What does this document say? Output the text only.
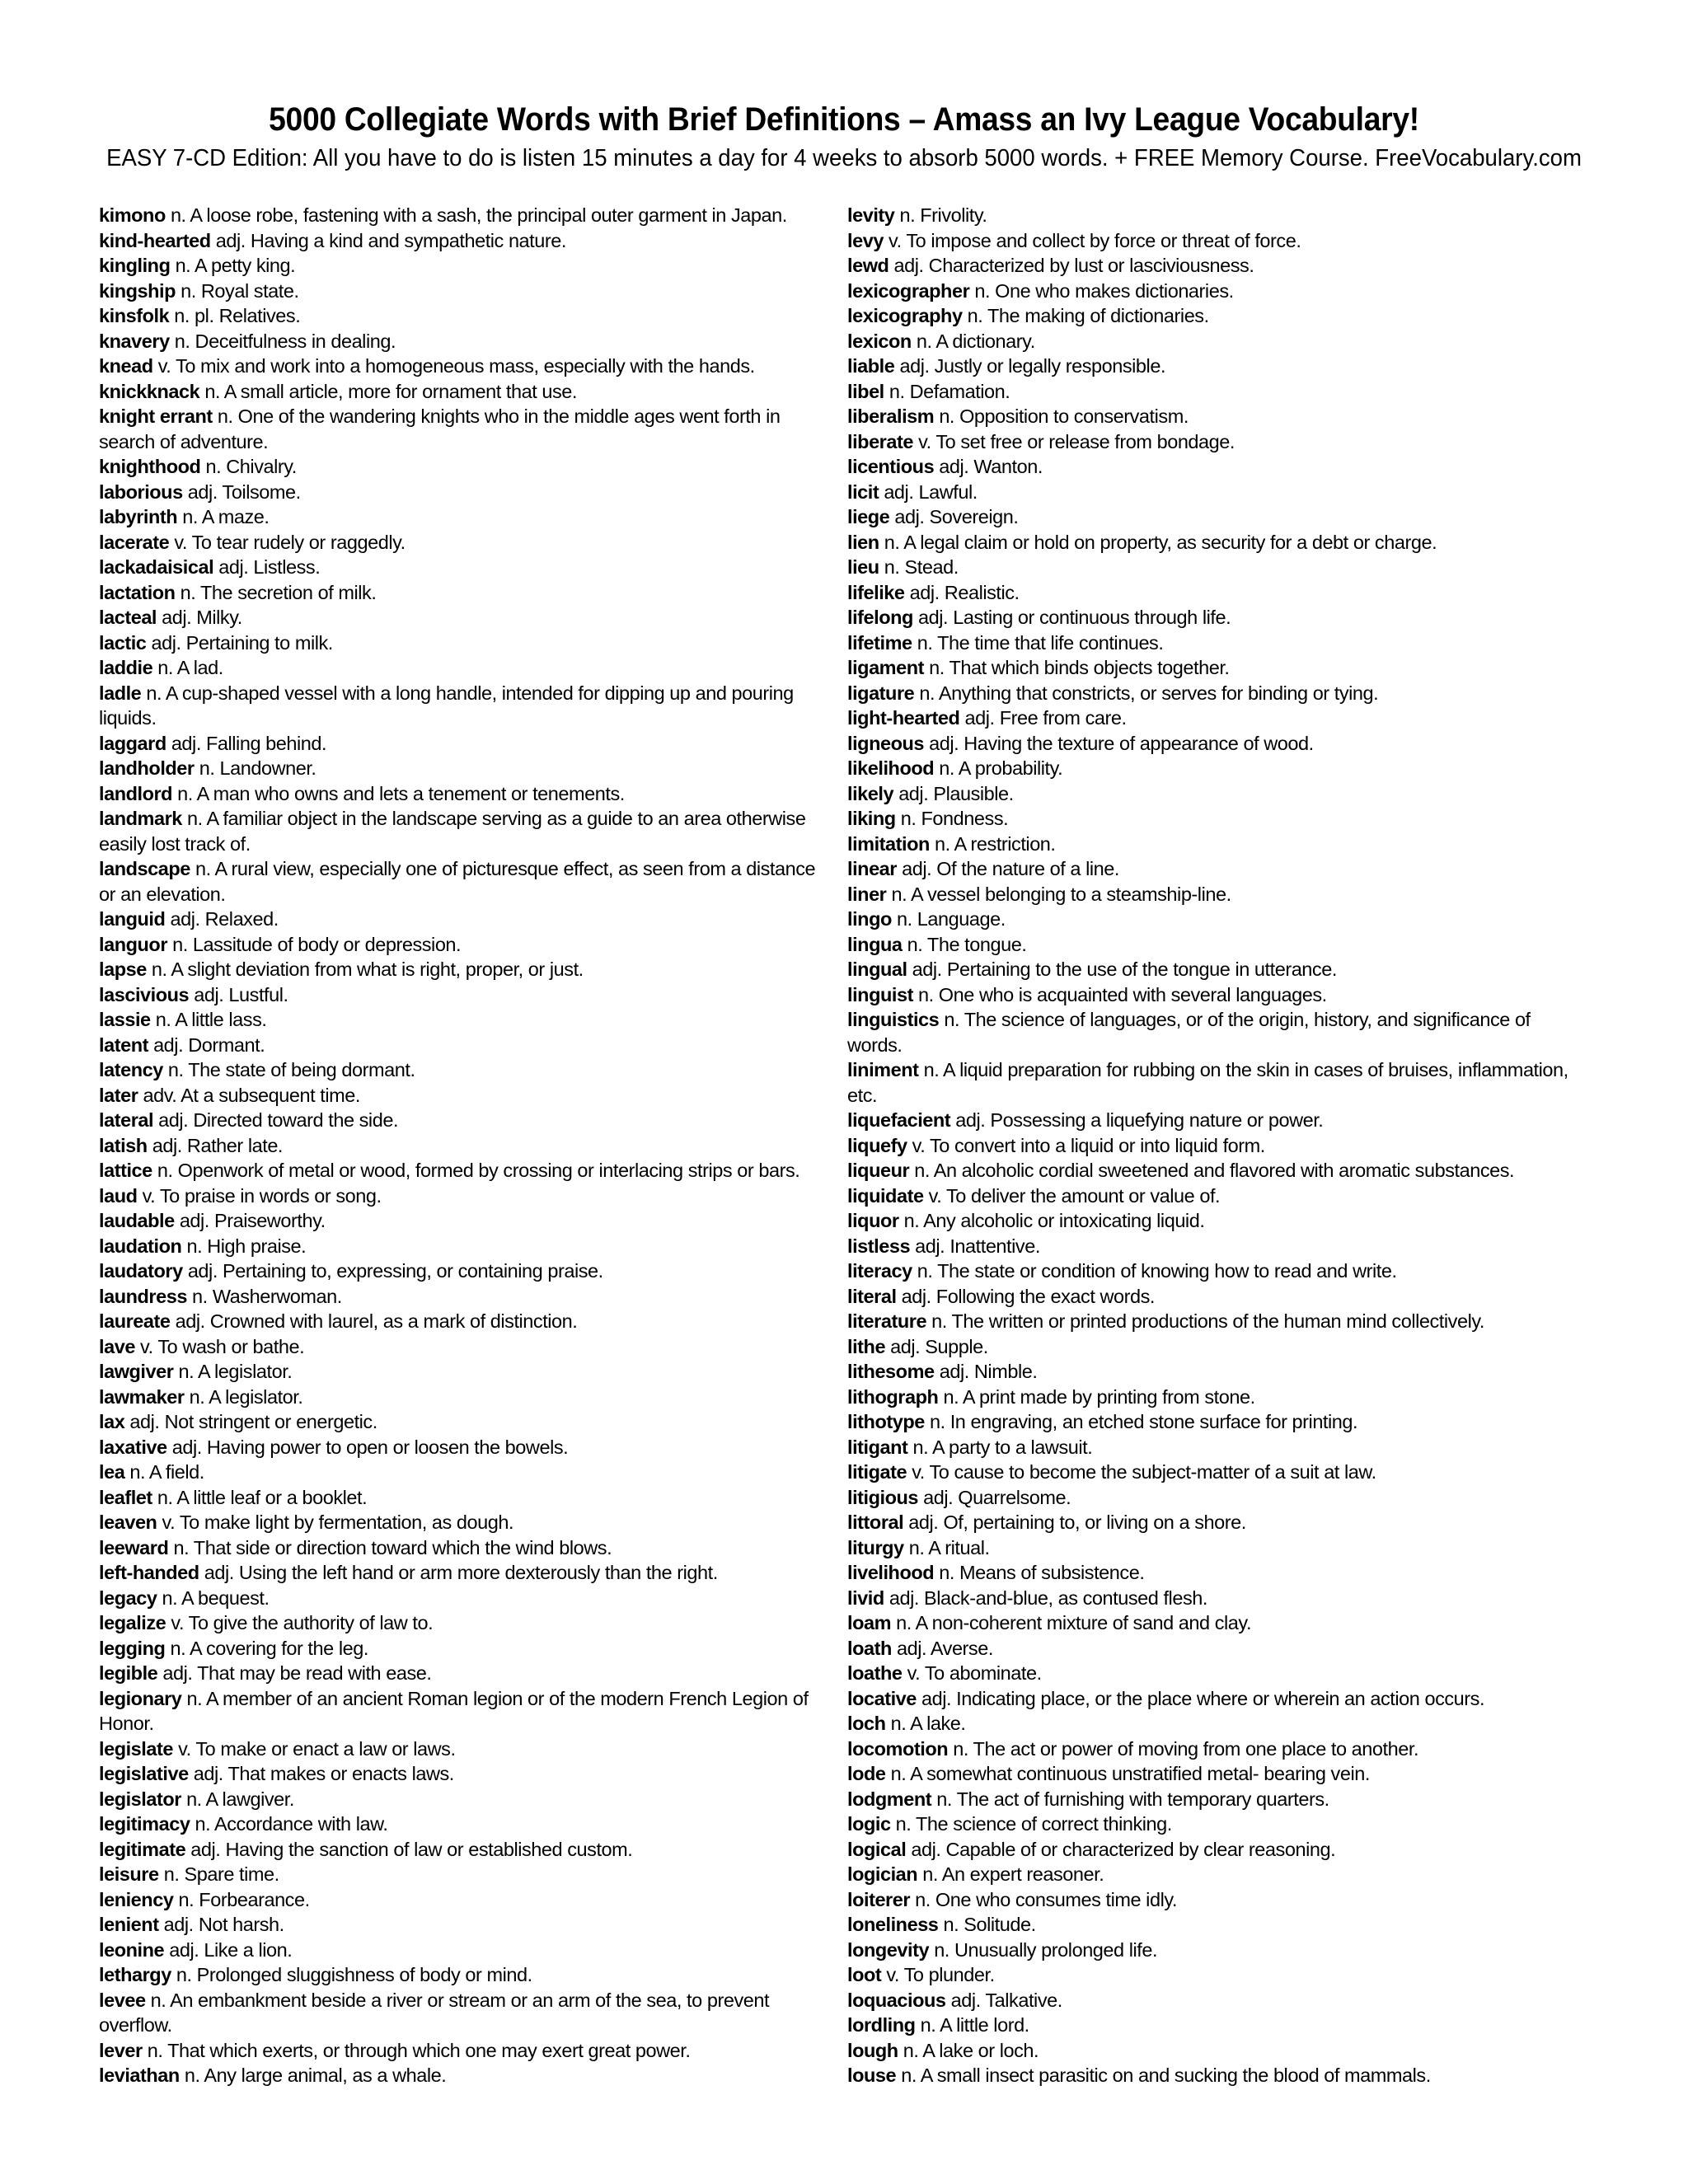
5000 Collegiate Words with Brief Definitions – Amass an Ivy League Vocabulary!
EASY 7-CD Edition: All you have to do is listen 15 minutes a day for 4 weeks to absorb 5000 words. + FREE Memory Course. FreeVocabulary.com

kimono n. A loose robe, fastening with a sash, the principal outer garment in Japan.

kind-hearted adj. Having a kind and sympathetic nature.

kingling n. A petty king.

kingship n. Royal state.

kinsfolk n. pl. Relatives.

knavery n. Deceitfulness in dealing.

knead v. To mix and work into a homogeneous mass, especially with the hands.

knickknack n. A small article, more for ornament that use.

knight errant n. One of the wandering knights who in the middle ages went forth in search of adventure.

knighthood n. Chivalry.

laborious adj. Toilsome.

labyrinth n. A maze.

lacerate v. To tear rudely or raggedly.

lackadaisical adj. Listless.

lactation n. The secretion of milk.

lacteal adj. Milky.

lactic adj. Pertaining to milk.

laddie n. A lad.

ladle n. A cup-shaped vessel with a long handle, intended for dipping up and pouring liquids.

laggard adj. Falling behind.

landholder n. Landowner.

landlord n. A man who owns and lets a tenement or tenements.

landmark n. A familiar object in the landscape serving as a guide to an area otherwise easily lost track of.

landscape n. A rural view, especially one of picturesque effect, as seen from a distance or an elevation.

languid adj. Relaxed.

languor n. Lassitude of body or depression.

lapse n. A slight deviation from what is right, proper, or just.

lascivious adj. Lustful.

lassie n. A little lass.

latent adj. Dormant.

latency n. The state of being dormant.

later adv. At a subsequent time.

lateral adj. Directed toward the side.

latish adj. Rather late.

lattice n. Openwork of metal or wood, formed by crossing or interlacing strips or bars.

laud v. To praise in words or song.

laudable adj. Praiseworthy.

laudation n. High praise.

laudatory adj. Pertaining to, expressing, or containing praise.

laundress n. Washerwoman.

laureate adj. Crowned with laurel, as a mark of distinction.

lave v. To wash or bathe.

lawgiver n. A legislator.

lawmaker n. A legislator.

lax adj. Not stringent or energetic.

laxative adj. Having power to open or loosen the bowels.

lea n. A field.

leaflet n. A little leaf or a booklet.

leaven v. To make light by fermentation, as dough.

leeward n. That side or direction toward which the wind blows.

left-handed adj. Using the left hand or arm more dexterously than the right.

legacy n. A bequest.

legalize v. To give the authority of law to.

legging n. A covering for the leg.

legible adj. That may be read with ease.

legionary n. A member of an ancient Roman legion or of the modern French Legion of Honor.

legislate v. To make or enact a law or laws.

legislative adj. That makes or enacts laws.

legislator n. A lawgiver.

legitimacy n. Accordance with law.

legitimate adj. Having the sanction of law or established custom.

leisure n. Spare time.

leniency n. Forbearance.

lenient adj. Not harsh.

leonine adj. Like a lion.

lethargy n. Prolonged sluggishness of body or mind.

levee n. An embankment beside a river or stream or an arm of the sea, to prevent overflow.

lever n. That which exerts, or through which one may exert great power.

leviathan n. Any large animal, as a whale.

levity n. Frivolity.

levy v. To impose and collect by force or threat of force.

lewd adj. Characterized by lust or lasciviousness.

lexicographer n. One who makes dictionaries.

lexicography n. The making of dictionaries.

lexicon n. A dictionary.

liable adj. Justly or legally responsible.

libel n. Defamation.

liberalism n. Opposition to conservatism.

liberate v. To set free or release from bondage.

licentious adj. Wanton.

licit adj. Lawful.

liege adj. Sovereign.

lien n. A legal claim or hold on property, as security for a debt or charge.

lieu n. Stead.

lifelike adj. Realistic.

lifelong adj. Lasting or continuous through life.

lifetime n. The time that life continues.

ligament n. That which binds objects together.

ligature n. Anything that constricts, or serves for binding or tying.

light-hearted adj. Free from care.

ligneous adj. Having the texture of appearance of wood.

likelihood n. A probability.

likely adj. Plausible.

liking n. Fondness.

limitation n. A restriction.

linear adj. Of the nature of a line.

liner n. A vessel belonging to a steamship-line.

lingo n. Language.

lingua n. The tongue.

lingual adj. Pertaining to the use of the tongue in utterance.

linguist n. One who is acquainted with several languages.

linguistics n. The science of languages, or of the origin, history, and significance of words.

liniment n. A liquid preparation for rubbing on the skin in cases of bruises, inflammation, etc.

liquefacient adj. Possessing a liquefying nature or power.

liquefy v. To convert into a liquid or into liquid form.

liqueur n. An alcoholic cordial sweetened and flavored with aromatic substances.

liquidate v. To deliver the amount or value of.

liquor n. Any alcoholic or intoxicating liquid.

listless adj. Inattentive.

literacy n. The state or condition of knowing how to read and write.

literal adj. Following the exact words.

literature n. The written or printed productions of the human mind collectively.

lithe adj. Supple.

lithesome adj. Nimble.

lithograph n. A print made by printing from stone.

lithotype n. In engraving, an etched stone surface for printing.

litigant n. A party to a lawsuit.

litigate v. To cause to become the subject-matter of a suit at law.

litigious adj. Quarrelsome.

littoral adj. Of, pertaining to, or living on a shore.

liturgy n. A ritual.

livelihood n. Means of subsistence.

livid adj. Black-and-blue, as contused flesh.

loam n. A non-coherent mixture of sand and clay.

loath adj. Averse.

loathe v. To abominate.

locative adj. Indicating place, or the place where or wherein an action occurs.

loch n. A lake.

locomotion n. The act or power of moving from one place to another.

lode n. A somewhat continuous unstratified metal- bearing vein.

lodgment n. The act of furnishing with temporary quarters.

logic n. The science of correct thinking.

logical adj. Capable of or characterized by clear reasoning.

logician n. An expert reasoner.

loiterer n. One who consumes time idly.

loneliness n. Solitude.

longevity n. Unusually prolonged life.

loot v. To plunder.

loquacious adj. Talkative.

lordling n. A little lord.

lough n. A lake or loch.

louse n. A small insect parasitic on and sucking the blood of mammals.
